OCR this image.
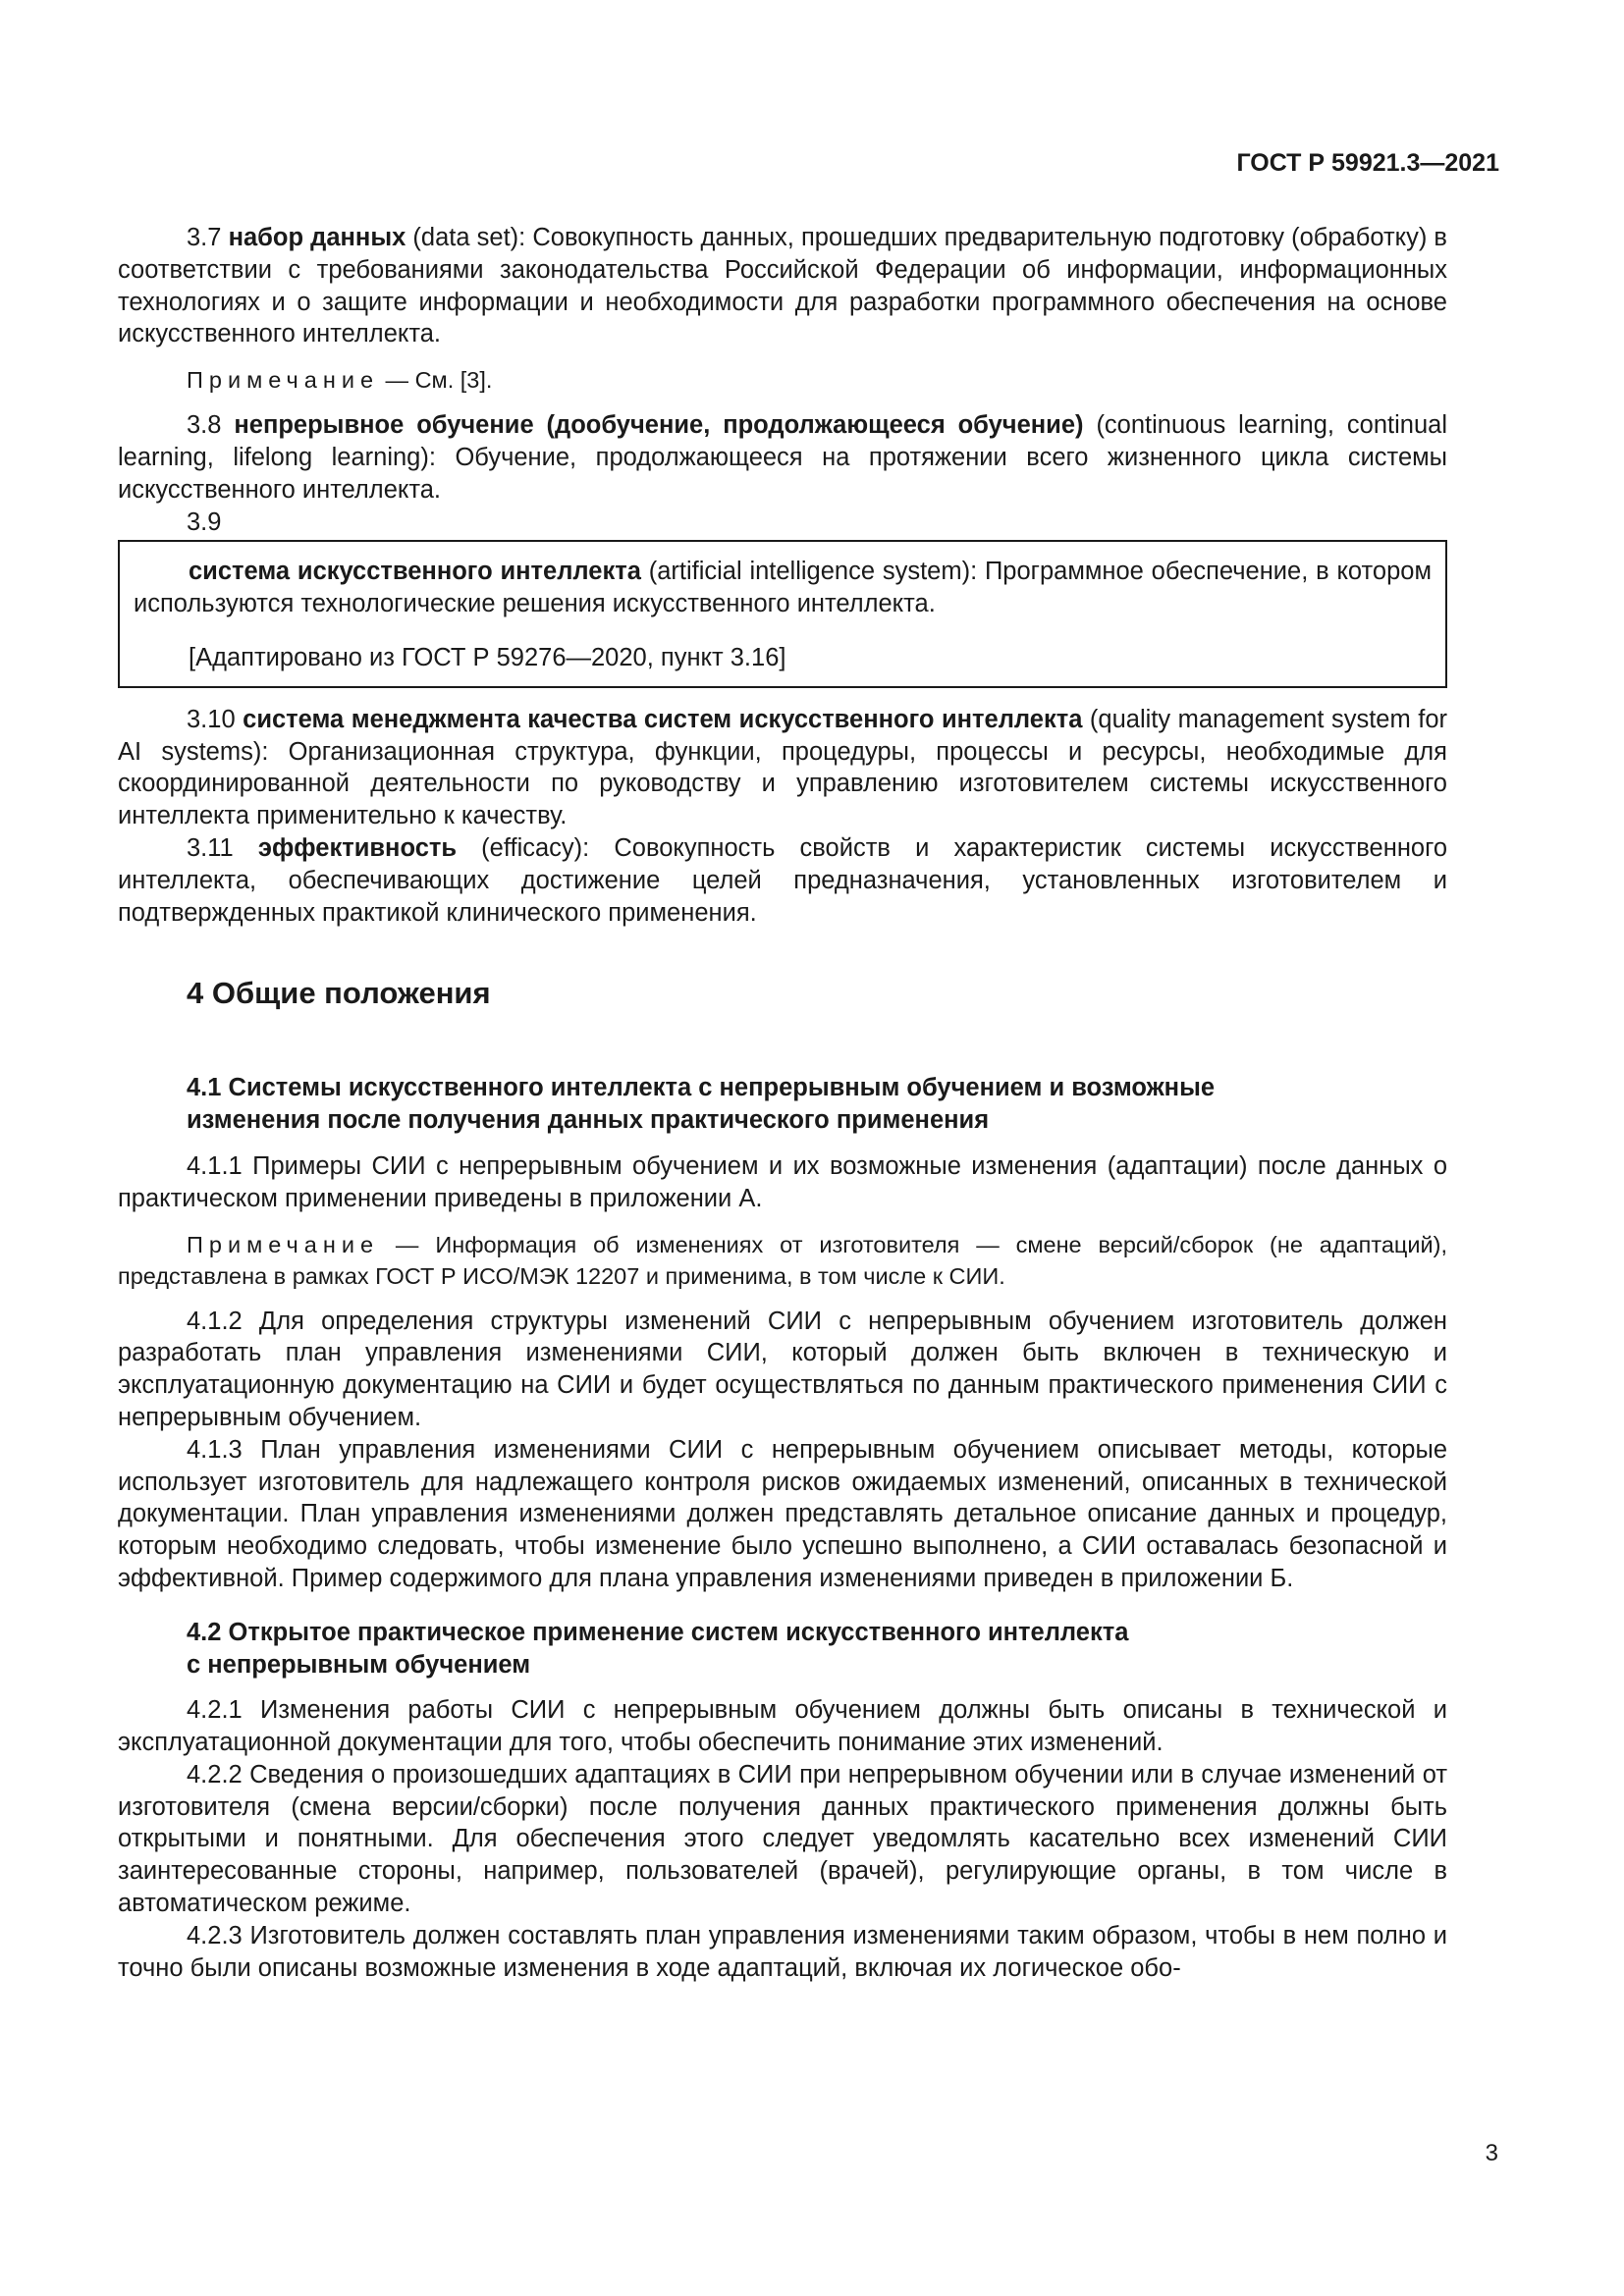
ГОСТ Р 59921.3—2021

3.7 набор данных (data set): Совокупность данных, прошедших предварительную подготовку (обработку) в соответствии с требованиями законодательства Российской Федерации об информации, информационных технологиях и о защите информации и необходимости для разработки программного обеспечения на основе искусственного интеллекта.

Примечание — См. [3].

3.8 непрерывное обучение (дообучение, продолжающееся обучение) (continuous learning, continual learning, lifelong learning): Обучение, продолжающееся на протяжении всего жизненного цикла системы искусственного интеллекта.

3.9

система искусственного интеллекта (artificial intelligence system): Программное обеспечение, в котором используются технологические решения искусственного интеллекта.

[Адаптировано из ГОСТ Р 59276—2020, пункт 3.16]

3.10 система менеджмента качества систем искусственного интеллекта (quality management system for AI systems): Организационная структура, функции, процедуры, процессы и ресурсы, необходимые для скоординированной деятельности по руководству и управлению изготовителем системы искусственного интеллекта применительно к качеству.

3.11 эффективность (efficacy): Совокупность свойств и характеристик системы искусственного интеллекта, обеспечивающих достижение целей предназначения, установленных изготовителем и подтвержденных практикой клинического применения.

4 Общие положения
4.1 Системы искусственного интеллекта с непрерывным обучением и возможные
изменения после получения данных практического применения

4.1.1 Примеры СИИ с непрерывным обучением и их возможные изменения (адаптации) после данных о практическом применении приведены в приложении А.

Примечание — Информация об изменениях от изготовителя — смене версий/сборок (не адаптаций), представлена в рамках ГОСТ Р ИСО/МЭК 12207 и применима, в том числе к СИИ.

4.1.2 Для определения структуры изменений СИИ с непрерывным обучением изготовитель должен разработать план управления изменениями СИИ, который должен быть включен в техническую и эксплуатационную документацию на СИИ и будет осуществляться по данным практического применения СИИ с непрерывным обучением.

4.1.3 План управления изменениями СИИ с непрерывным обучением описывает методы, которые использует изготовитель для надлежащего контроля рисков ожидаемых изменений, описанных в технической документации. План управления изменениями должен представлять детальное описание данных и процедур, которым необходимо следовать, чтобы изменение было успешно выполнено, а СИИ оставалась безопасной и эффективной. Пример содержимого для плана управления изменениями приведен в приложении Б.

4.2 Открытое практическое применение систем искусственного интеллекта
с непрерывным обучением

4.2.1 Изменения работы СИИ с непрерывным обучением должны быть описаны в технической и эксплуатационной документации для того, чтобы обеспечить понимание этих изменений.

4.2.2 Сведения о произошедших адаптациях в СИИ при непрерывном обучении или в случае изменений от изготовителя (смена версии/сборки) после получения данных практического применения должны быть открытыми и понятными. Для обеспечения этого следует уведомлять касательно всех изменений СИИ заинтересованные стороны, например, пользователей (врачей), регулирующие органы, в том числе в автоматическом режиме.

4.2.3 Изготовитель должен составлять план управления изменениями таким образом, чтобы в нем полно и точно были описаны возможные изменения в ходе адаптаций, включая их логическое обо-

3
